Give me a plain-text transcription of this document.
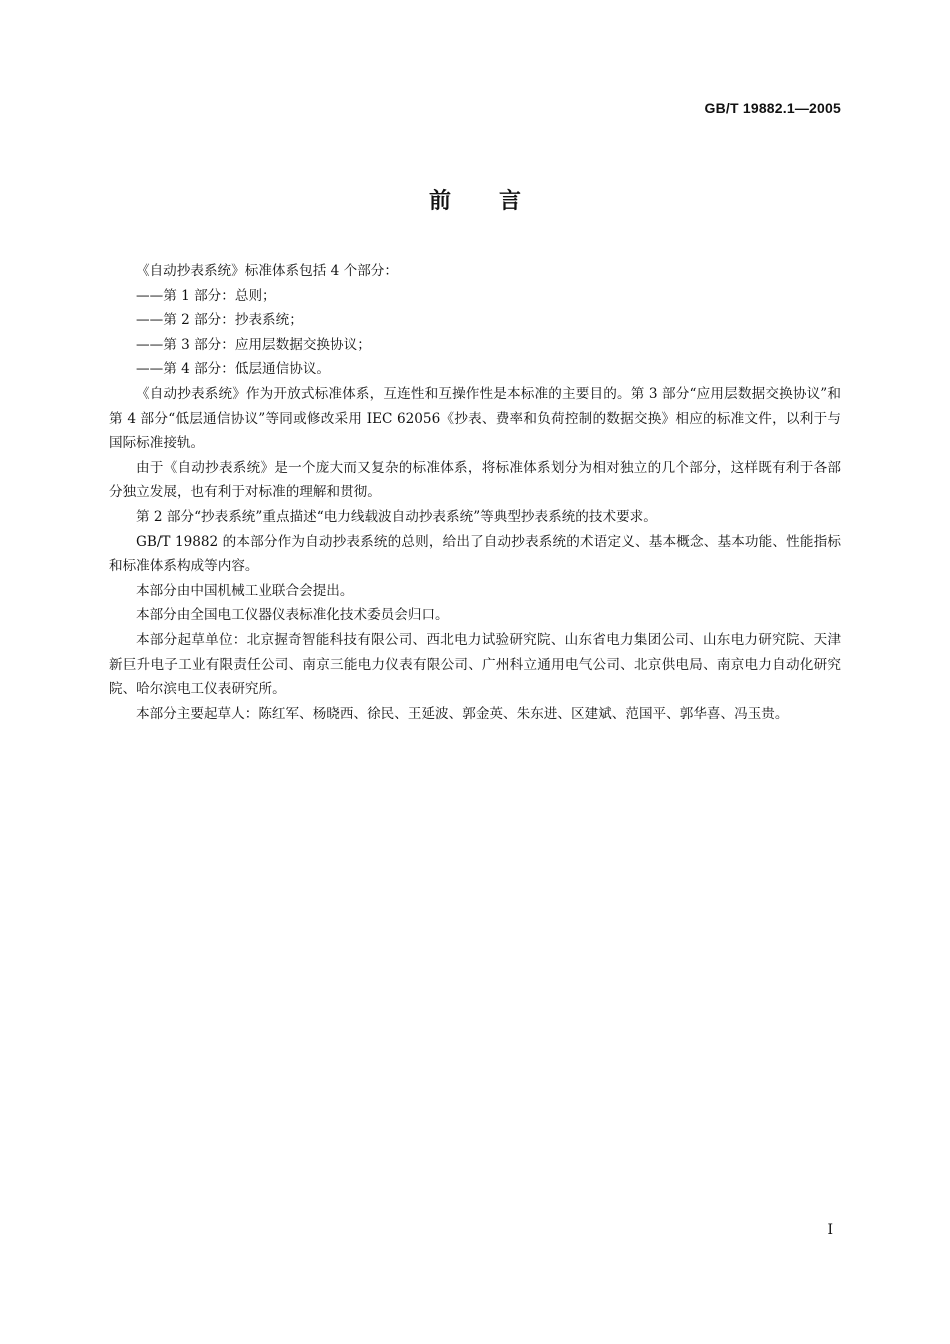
GB/T 19882.1—2005
前言

《自动抄表系统》标准体系包括 4 个部分：

——第 1 部分：总则；

——第 2 部分：抄表系统；

——第 3 部分：应用层数据交换协议；

——第 4 部分：低层通信协议。

《自动抄表系统》作为开放式标准体系，互连性和互操作性是本标准的主要目的。第 3 部分“应用层数据交换协议”和第 4 部分“低层通信协议”等同或修改采用 IEC 62056《抄表、费率和负荷控制的数据交换》相应的标准文件，以利于与国际标准接轨。

由于《自动抄表系统》是一个庞大而又复杂的标准体系，将标准体系划分为相对独立的几个部分，这样既有利于各部分独立发展，也有利于对标准的理解和贯彻。

第 2 部分“抄表系统”重点描述“电力线载波自动抄表系统”等典型抄表系统的技术要求。

GB/T 19882 的本部分作为自动抄表系统的总则，给出了自动抄表系统的术语定义、基本概念、基本功能、性能指标和标准体系构成等内容。

本部分由中国机械工业联合会提出。

本部分由全国电工仪器仪表标准化技术委员会归口。

本部分起草单位：北京握奇智能科技有限公司、西北电力试验研究院、山东省电力集团公司、山东电力研究院、天津新巨升电子工业有限责任公司、南京三能电力仪表有限公司、广州科立通用电气公司、北京供电局、南京电力自动化研究院、哈尔滨电工仪表研究所。

本部分主要起草人：陈红军、杨晓西、徐民、王延波、郭金英、朱东进、区建斌、范国平、郭华喜、冯玉贵。

I
